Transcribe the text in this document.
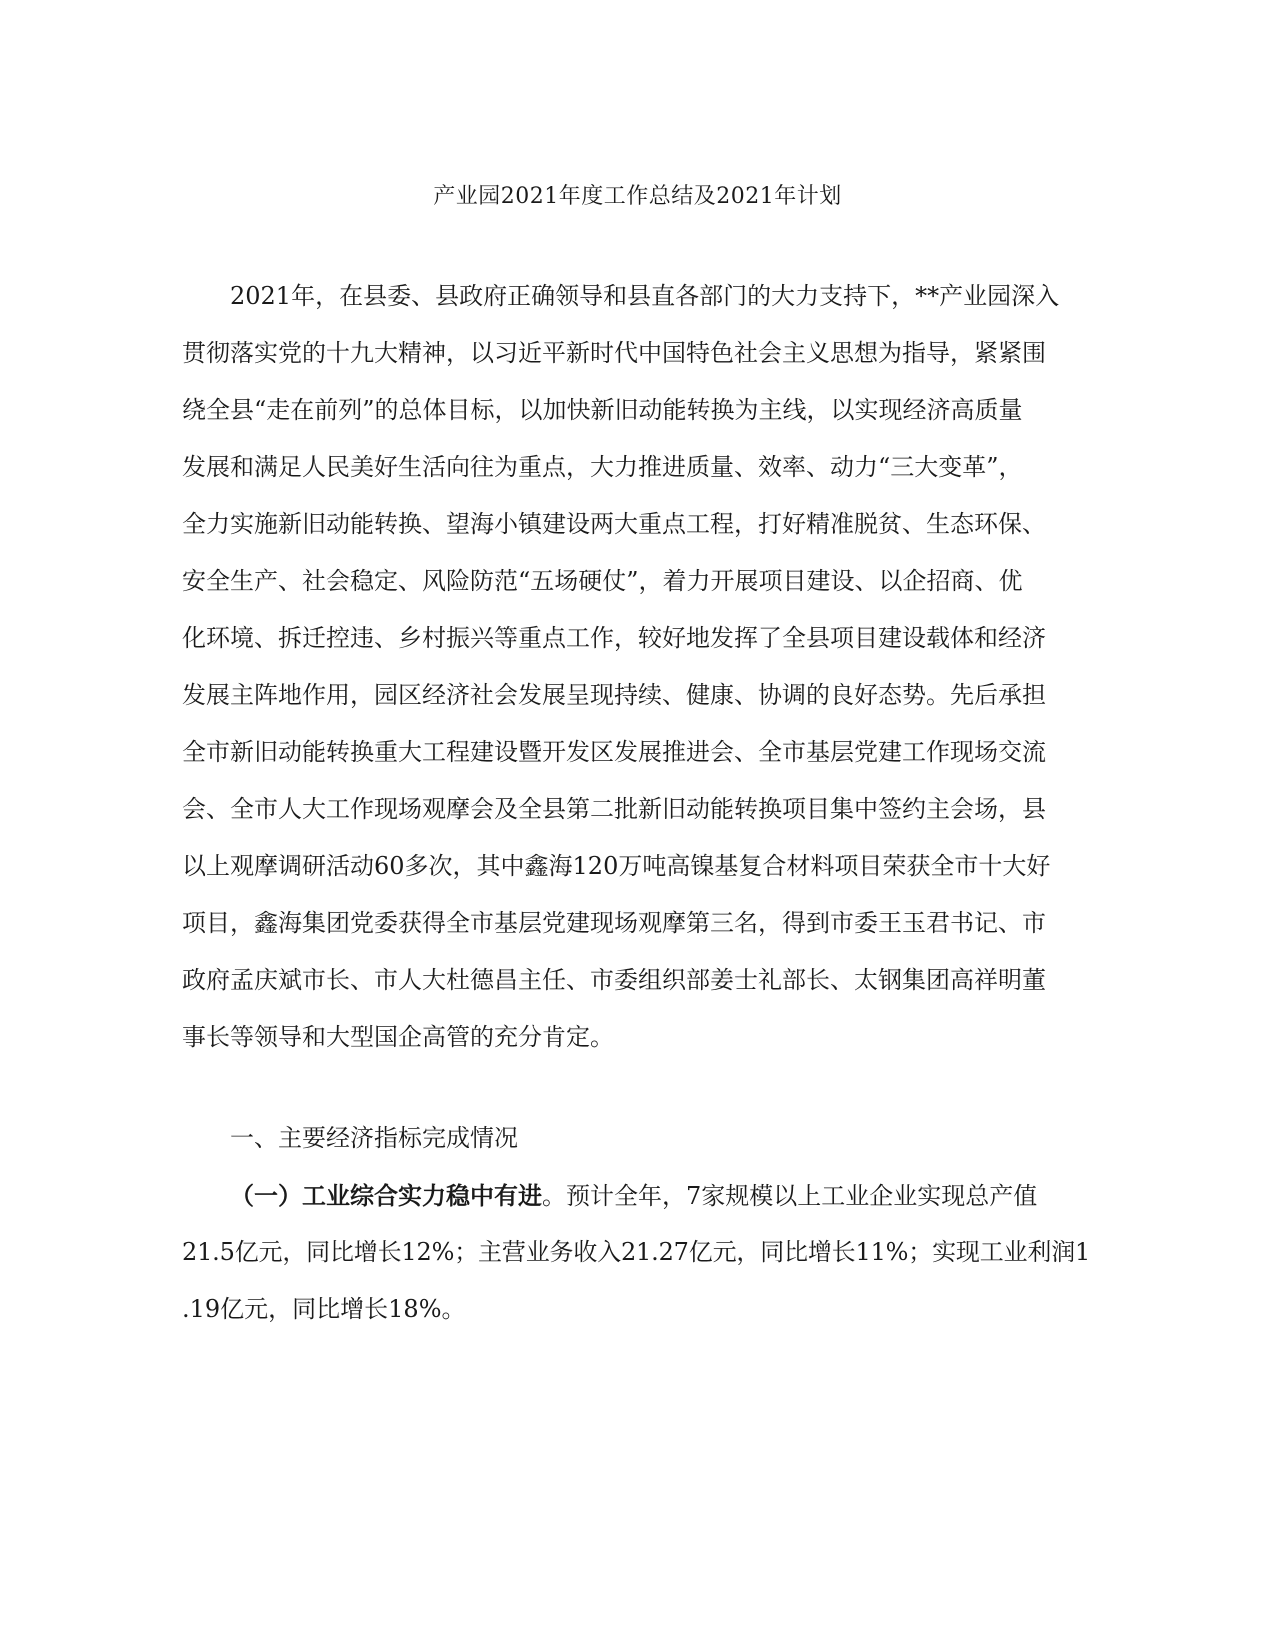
产业园2021年度工作总结及2021年计划
2021年，在县委、县政府正确领导和县直各部门的大力支持下，**产业园深入
贯彻落实党的十九大精神，以习近平新时代中国特色社会主义思想为指导，紧紧围
绕全县“走在前列”的总体目标，以加快新旧动能转换为主线，以实现经济高质量
发展和满足人民美好生活向往为重点，大力推进质量、效率、动力“三大变革”，
全力实施新旧动能转换、望海小镇建设两大重点工程，打好精准脱贫、生态环保、
安全生产、社会稳定、风险防范“五场硬仗”，着力开展项目建设、以企招商、优
化环境、拆迁控违、乡村振兴等重点工作，较好地发挥了全县项目建设载体和经济
发展主阵地作用，园区经济社会发展呈现持续、健康、协调的良好态势。先后承担
全市新旧动能转换重大工程建设暨开发区发展推进会、全市基层党建工作现场交流
会、全市人大工作现场观摩会及全县第二批新旧动能转换项目集中签约主会场，县
以上观摩调研活动60多次，其中鑫海120万吨高镍基复合材料项目荣获全市十大好
项目，鑫海集团党委获得全市基层党建现场观摩第三名，得到市委王玉君书记、市
政府孟庆斌市长、市人大杜德昌主任、市委组织部姜士礼部长、太钢集团高祥明董
事长等领导和大型国企高管的充分肯定。
一、主要经济指标完成情况
（一）工业综合实力稳中有进。预计全年，7家规模以上工业企业实现总产值
21.5亿元，同比增长12%；主营业务收入21.27亿元，同比增长11%；实现工业利润1
.19亿元，同比增长18%。
